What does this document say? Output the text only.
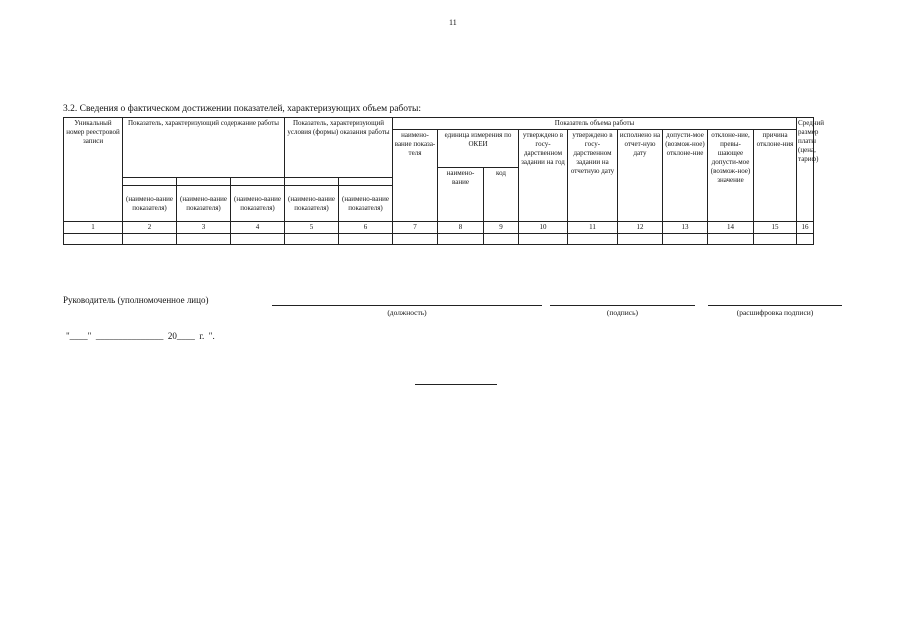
11
3.2. Сведения о фактическом достижении показателей, характеризующих объем работы:
Уникальный номер реестровой записи	Показатель, характеризующий содержание работы			Показатель, характеризующий условия (формы) оказания работы		Показатель объема работы									Средний размер платы (цена, тариф)
						наимено-вание показа-теля	единица измерения по ОКЕИ		утверждено в госу-дарственном задании на год	утверждено в госу-дарственном задании на отчетную дату	исполнено на отчет-ную дату	допусти-мое (возмож-ное) отклоне-ние	отклоне-ние, превы-шающее допусти-мое (возмож-ное) значение	причина отклоне-ния	
							наимено-вание	код							

	(наимено-вание показателя)	(наимено-вание показателя)	(наимено-вание показателя)	(наимено-вание показателя)	(наимено-вание показателя)										
1	2	3	4	5	6	7	8	9	10	11	12	13	14	15	16

Руководитель (уполномоченное лицо)
(должность)	(подпись)	(расшифровка подписи)
"____"  _______________  20____  г.  ".
